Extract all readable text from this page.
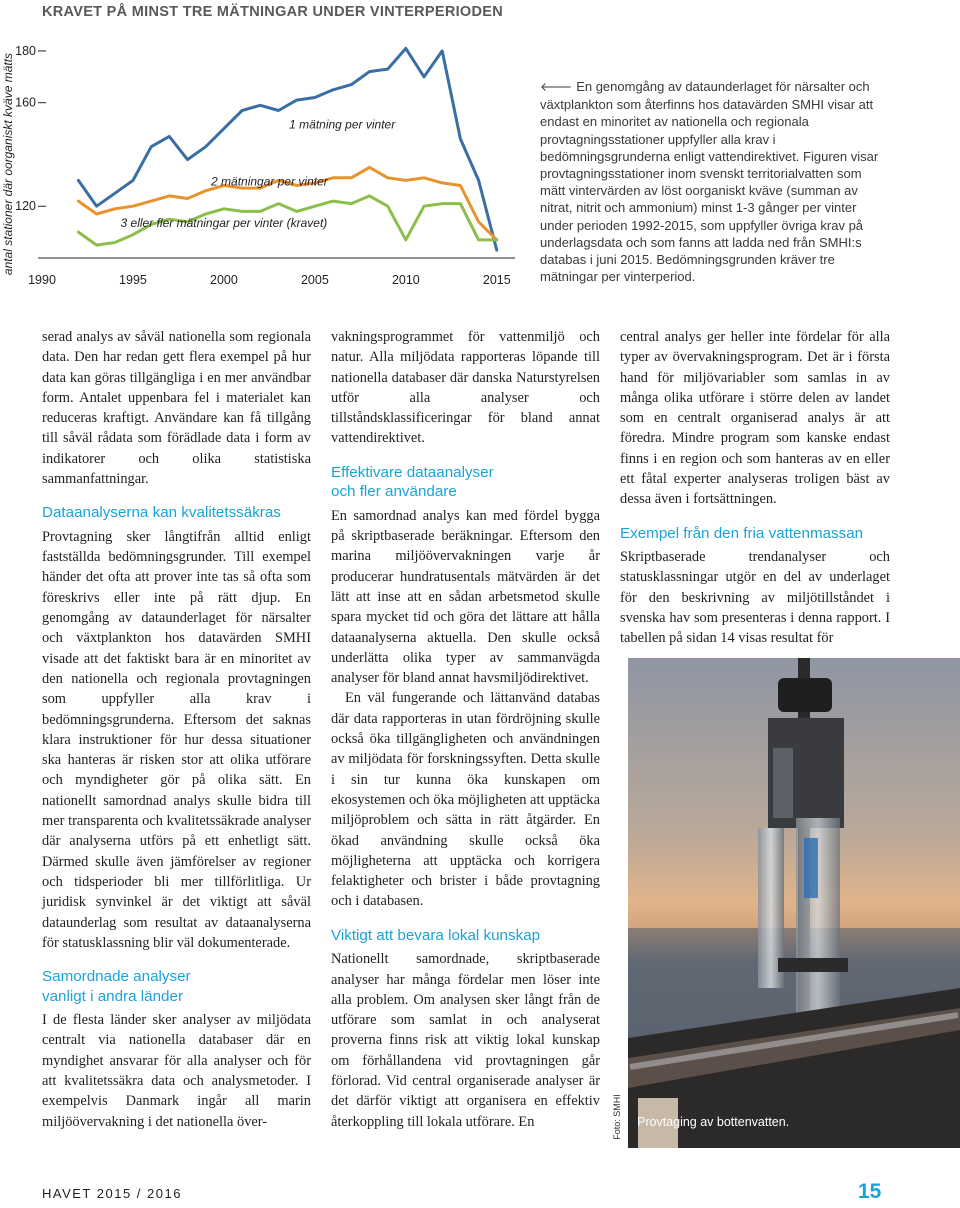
KRAVET PÅ MINST TRE MÄTNINGAR UNDER VINTERPERIODEN
antal stationer där oorganiskt kväve mätts 120
160
180
1990	1995	2000	2005	2010	2015
1 mätning per vinter
2 mätningar per vinter
3 eller fler mätningar per vinter (kravet)
🡐 En genomgång av dataunderlaget för närsalter och växtplankton som återfinns hos datavärden SMHI visar att endast en minoritet av nationella och regionala provtagningsstationer uppfyller alla krav i bedömningsgrunderna enligt vattendirektivet. Figuren visar provtagningsstationer inom svenskt territorialvatten som mätt vintervärden av löst oorganiskt kväve (summan av nitrat, nitrit och ammonium) minst 1-3 gånger per vinter under perioden 1992-2015, som uppfyller övriga krav på underlagsdata och som fanns att ladda ned från SMHI:s databas i juni 2015. Bedömningsgrunden kräver tre mätningar per vinterperiod.

serad analys av såväl nationella som regionala data. Den har redan gett flera exempel på hur data kan göras tillgängliga i en mer användbar form. Antalet uppenbara fel i materialet kan reduceras kraftigt. Användare kan få tillgång till såväl rådata som förädlade data i form av indikatorer och olika statistiska sammanfattningar.

Dataanalyserna kan kvalitetssäkras

Provtagning sker långtifrån alltid enligt fastställda bedömningsgrunder. Till exempel händer det ofta att prover inte tas så ofta som föreskrivs eller inte på rätt djup. En genomgång av dataunderlaget för närsalter och växtplankton hos datavärden SMHI visade att det faktiskt bara är en minoritet av den nationella och regionala provtagningen som uppfyller alla krav i bedömningsgrunderna. Eftersom det saknas klara instruktioner för hur dessa situationer ska hanteras är risken stor att olika utförare och myndigheter gör på olika sätt. En nationellt samordnad analys skulle bidra till mer transparenta och kvalitetssäkrade analyser där analyserna utförs på ett enhetligt sätt. Därmed skulle även jämförelser av regioner och tidsperioder bli mer tillförlitliga. Ur juridisk synvinkel är det viktigt att såväl dataunderlag som resultat av dataanalyserna för statusklassning blir väl dokumenterade.

Samordnade analyser
vanligt i andra länder

I de flesta länder sker analyser av miljödata centralt via nationella databaser där en myndighet ansvarar för alla analyser och för att kvalitetssäkra data och analysmetoder. I exempelvis Danmark ingår all marin miljöövervakning i det nationella över-

vakningsprogrammet för vattenmiljö och natur. Alla miljödata rapporteras löpande till nationella databaser där danska Naturstyrelsen utför alla analyser och tillståndsklassificeringar för bland annat vattendirektivet.

Effektivare dataanalyser
och fler användare

En samordnad analys kan med fördel bygga på skriptbaserade beräkningar. Eftersom den marina miljöövervakningen varje år producerar hundratusentals mätvärden är det lätt att inse att en sådan arbetsmetod skulle spara mycket tid och göra det lättare att hålla dataanalyserna aktuella. Den skulle också underlätta olika typer av sammanvägda analyser för bland annat havsmiljödirektivet.

En väl fungerande och lättanvänd databas där data rapporteras in utan fördröjning skulle också öka tillgängligheten och användningen av miljödata för forskningssyften. Detta skulle i sin tur kunna öka kunskapen om ekosystemen och öka möjligheten att upptäcka miljöproblem och sätta in rätt åtgärder. En ökad användning skulle också öka möjligheterna att upptäcka och korrigera felaktigheter och brister i både provtagning och i databasen.

Viktigt att bevara lokal kunskap

Nationellt samordnade, skriptbaserade analyser har många fördelar men löser inte alla problem. Om analysen sker långt från de utförare som samlat in och analyserat proverna finns risk att viktig lokal kunskap om förhållandena vid provtagningen går förlorad. Vid central organiserade analyser är det därför viktigt att organisera en effektiv återkoppling till lokala utförare. En

central analys ger heller inte fördelar för alla typer av övervakningsprogram. Det är i första hand för miljövariabler som samlas in av många olika utförare i större delen av landet som en centralt organiserad analys är att föredra. Mindre program som kanske endast finns i en region och som hanteras av en eller ett fåtal experter analyseras troligen bäst av dessa även i fortsättningen.

Exempel från den fria vattenmassan

Skriptbaserade trendanalyser och statusklassningar utgör en del av underlaget för den beskrivning av miljötillståndet i svenska hav som presenteras i denna rapport. I tabellen på sidan 14 visas resultat för

Foto: SMHI Provtaging av bottenvatten.
HAVET 2015 / 2016	15
